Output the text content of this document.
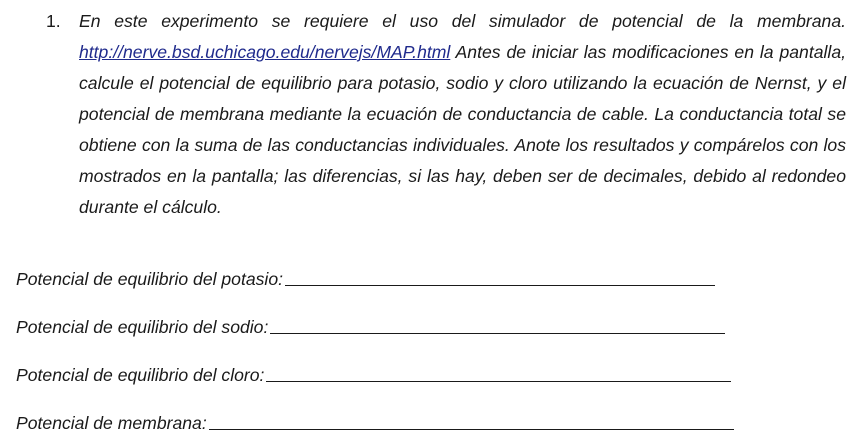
1. En este experimento se requiere el uso del simulador de potencial de la membrana. http://nerve.bsd.uchicago.edu/nervejs/MAP.html Antes de iniciar las modificaciones en la pantalla, calcule el potencial de equilibrio para potasio, sodio y cloro utilizando la ecuación de Nernst, y el potencial de membrana mediante la ecuación de conductancia de cable. La conductancia total se obtiene con la suma de las conductancias individuales. Anote los resultados y compárelos con los mostrados en la pantalla; las diferencias, si las hay, deben ser de decimales, debido al redondeo durante el cálculo.
Potencial de equilibrio del potasio:
Potencial de equilibrio del sodio:
Potencial de equilibrio del cloro:
Potencial de membrana:
